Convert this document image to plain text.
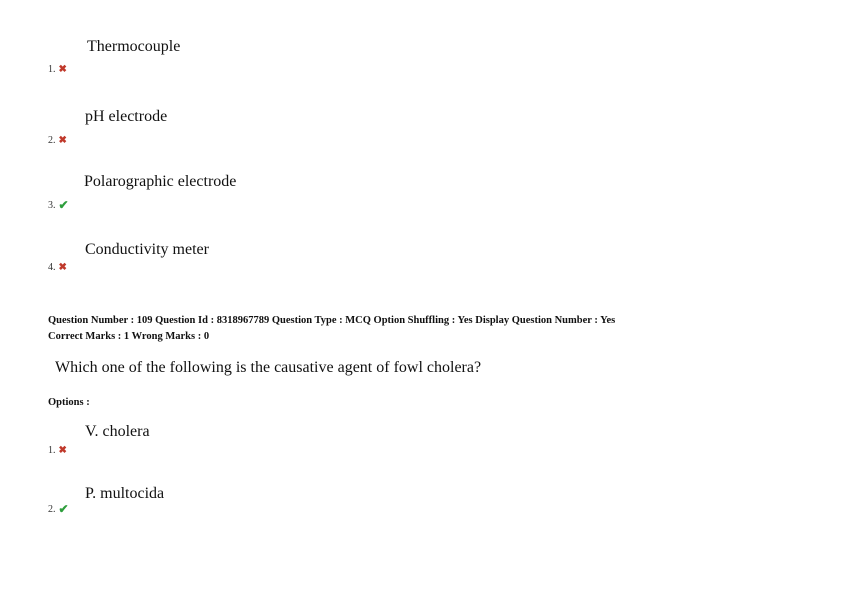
Thermocouple
1. ✖
pH electrode
2. ✖
Polarographic electrode
3. ✔
Conductivity meter
4. ✖
Question Number : 109 Question Id : 8318967789 Question Type : MCQ Option Shuffling : Yes Display Question Number : Yes
Correct Marks : 1 Wrong Marks : 0
Which one of the following is the causative agent of fowl cholera?
Options :
V. cholera
1. ✖
P. multocida
2. ✔
